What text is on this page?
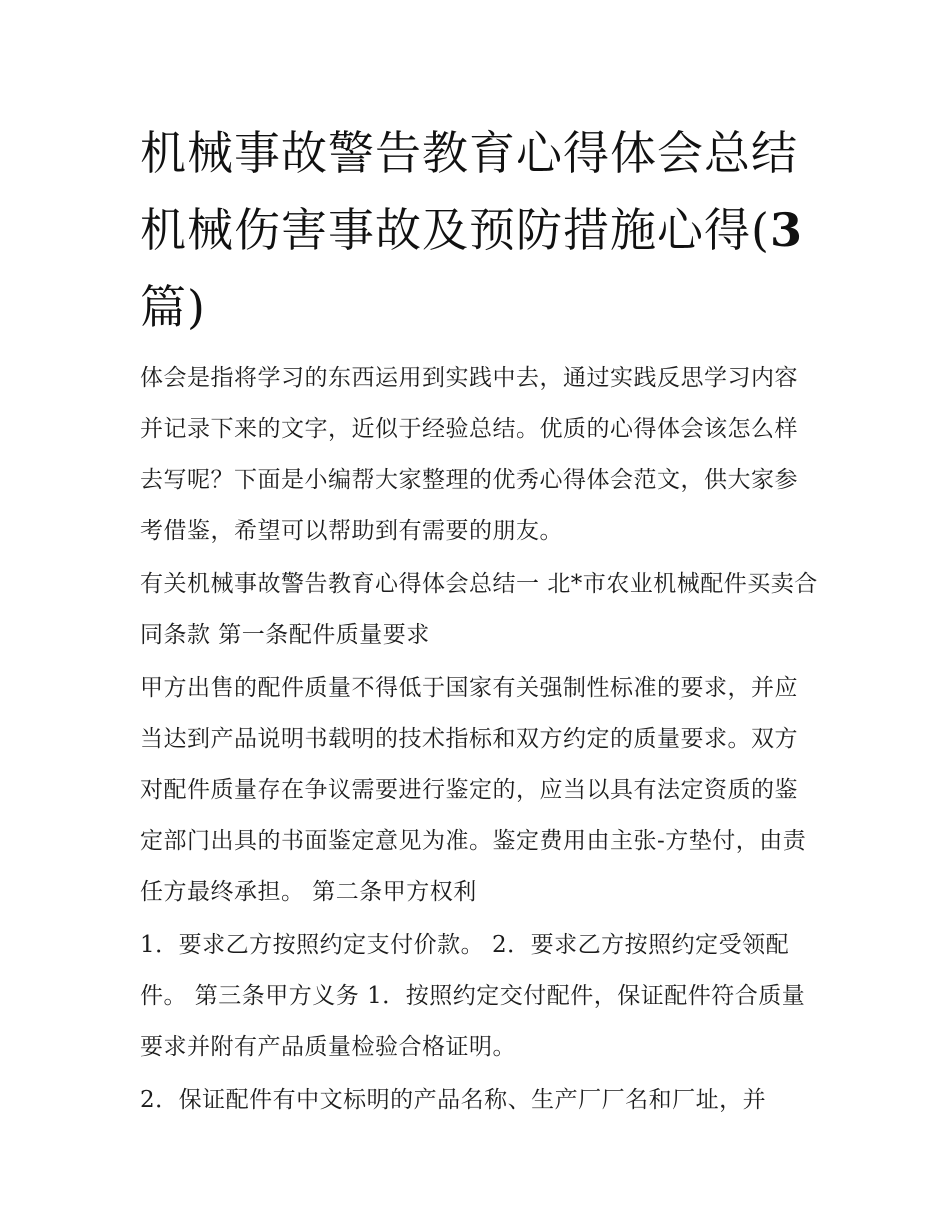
机械事故警告教育心得体会总结 机械伤害事故及预防措施心得(3 篇)

体会是指将学习的东西运用到实践中去，通过实践反思学习内容并记录下来的文字，近似于经验总结。优质的心得体会该怎么样去写呢？下面是小编帮大家整理的优秀心得体会范文，供大家参考借鉴，希望可以帮助到有需要的朋友。

有关机械事故警告教育心得体会总结一 北*市农业机械配件买卖合同条款 第一条配件质量要求

甲方出售的配件质量不得低于国家有关强制性标准的要求，并应当达到产品说明书载明的技术指标和双方约定的质量要求。双方对配件质量存在争议需要进行鉴定的，应当以具有法定资质的鉴定部门出具的书面鉴定意见为准。鉴定费用由主张-方垫付，由责任方最终承担。 第二条甲方权利

1．要求乙方按照约定支付价款。 2．要求乙方按照约定受领配件。 第三条甲方义务 1．按照约定交付配件，保证配件符合质量要求并附有产品质量检验合格证明。

2．保证配件有中文标明的产品名称、生产厂厂名和厂址，并
